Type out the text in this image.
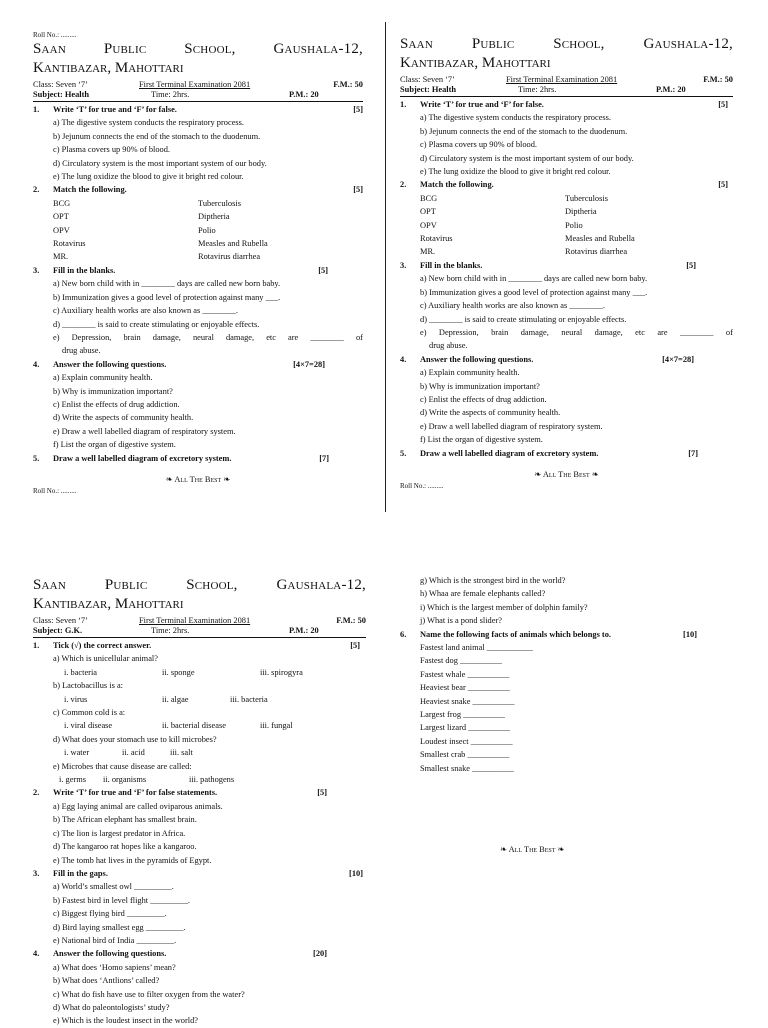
Roll No.: .........
Saan	Public	School,	Gaushala-12,
Kantibazar, Mahottari
Class: Seven ‘7’	First Terminal Examination 2081	F.M.: 50
Subject: Health	Time: 2hrs.	P.M.: 20
1.	Write ‘T’ for true and ‘F’ for false.	[5]
a) The digestive system conducts the respiratory process.
b) Jejunum connects the end of the stomach to the duodenum.
c) Plasma covers up 90% of blood.
d) Circulatory system is the most important system of our body.
e) The lung oxidize the blood to give it bright red colour.
2.	Match the following.	[5]
BCG	Tuberculosis
OPT	Diptheria
OPV	Polio
Rotavirus	Measles and Rubella
MR.	Rotavirus diarrhea
3.	Fill in the blanks.	[5]
a) New born child with in ________ days are called new born baby.
b) Immunization gives a good level of protection against many ___.
c) Auxiliary health works are also known as ________.
d) ________ is said to create stimulating or enjoyable effects.
e) Depression, brain damage, neural damage, etc are ________ of
drug abuse.
4.	Answer the following questions.	[4×7=28]
a) Explain community health.
b) Why is immunization important?
c) Enlist the effects of drug addiction.
d) Write the aspects of community health.
e) Draw a well labelled diagram of respiratory system.
f) List the organ of digestive system.
5.	Draw a well labelled diagram of excretory system.	[7]
❧ All The Best ❧
Roll No.: .........
Saan	Public	School,	Gaushala-12,
Kantibazar, Mahottari
Class: Seven ‘7’	First Terminal Examination 2081	F.M.: 50
Subject: Health	Time: 2hrs.	P.M.: 20
1.	Write ‘T’ for true and ‘F’ for false.	[5]
a) The digestive system conducts the respiratory process.
b) Jejunum connects the end of the stomach to the duodenum.
c) Plasma covers up 90% of blood.
d) Circulatory system is the most important system of our body.
e) The lung oxidize the blood to give it bright red colour.
2.	Match the following.	[5]
BCG	Tuberculosis
OPT	Diptheria
OPV	Polio
Rotavirus	Measles and Rubella
MR.	Rotavirus diarrhea
3.	Fill in the blanks.	[5]
a) New born child with in ________ days are called new born baby.
b) Immunization gives a good level of protection against many ___.
c) Auxiliary health works are also known as ________.
d) ________ is said to create stimulating or enjoyable effects.
e) Depression, brain damage, neural damage, etc are ________ of
drug abuse.
4.	Answer the following questions.	[4×7=28]
a) Explain community health.
b) Why is immunization important?
c) Enlist the effects of drug addiction.
d) Write the aspects of community health.
e) Draw a well labelled diagram of respiratory system.
f) List the organ of digestive system.
5.	Draw a well labelled diagram of excretory system.	[7]
❧ All The Best ❧
Roll No.: .........
Saan	Public	School,	Gaushala-12,
Kantibazar, Mahottari
Class: Seven ‘7’	First Terminal Examination 2081	F.M.: 50
Subject: G.K.	Time: 2hrs.	P.M.: 20
1.	Tick (√) the correct answer.	[5]
a) Which is unicellular animal?
i. bacteria	ii. sponge	iii. spirogyra
b) Lactobacillus is a:
i. virus	ii. algae	iii. bacteria
c) Common cold is a:
i. viral disease	ii. bacterial disease	iii. fungal
d) What does your stomach use to kill microbes?
i. water	ii. acid	iii. salt
e) Microbes that cause disease are called:
i. germs	ii. organisms	iii. pathogens
2.	Write ‘T’ for true and ‘F’ for false statements.	[5]
a) Egg laying animal are called oviparous animals.
b) The African elephant has smallest brain.
c) The lion is largest predator in Africa.
d) The kangaroo rat hopes like a kangaroo.
e) The tomb hat lives in the pyramids of Egypt.
3.	Fill in the gaps.	[10]
a) World’s smallest owl _________.
b) Fastest bird in level flight _________.
c) Biggest flying bird _________.
d) Bird laying smallest egg _________.
e) National bird of India _________.
4.	Answer the following questions.	[20]
a) What does ‘Homo sapiens’ mean?
b) What does ‘Antlions’ called?
c) What do fish have use to filter oxygen from the water?
d) What do paleontologists’ study?
e) Which is the loudest insect in the world?
g) Which is the strongest bird in the world?
h) Whaa are female elephants called?
i) Which is the largest member of dolphin family?
j) What is a pond slider?
6.	Name the following facts of animals which belongs to.	[10]
Fastest land animal ___________
Fastest dog __________
Fastest whale __________
Heaviest bear __________
Heaviest snake __________
Largest frog __________
Largest lizard __________
Loudest insect __________
Smallest crab __________
Smallest snake __________
❧ All The Best ❧
